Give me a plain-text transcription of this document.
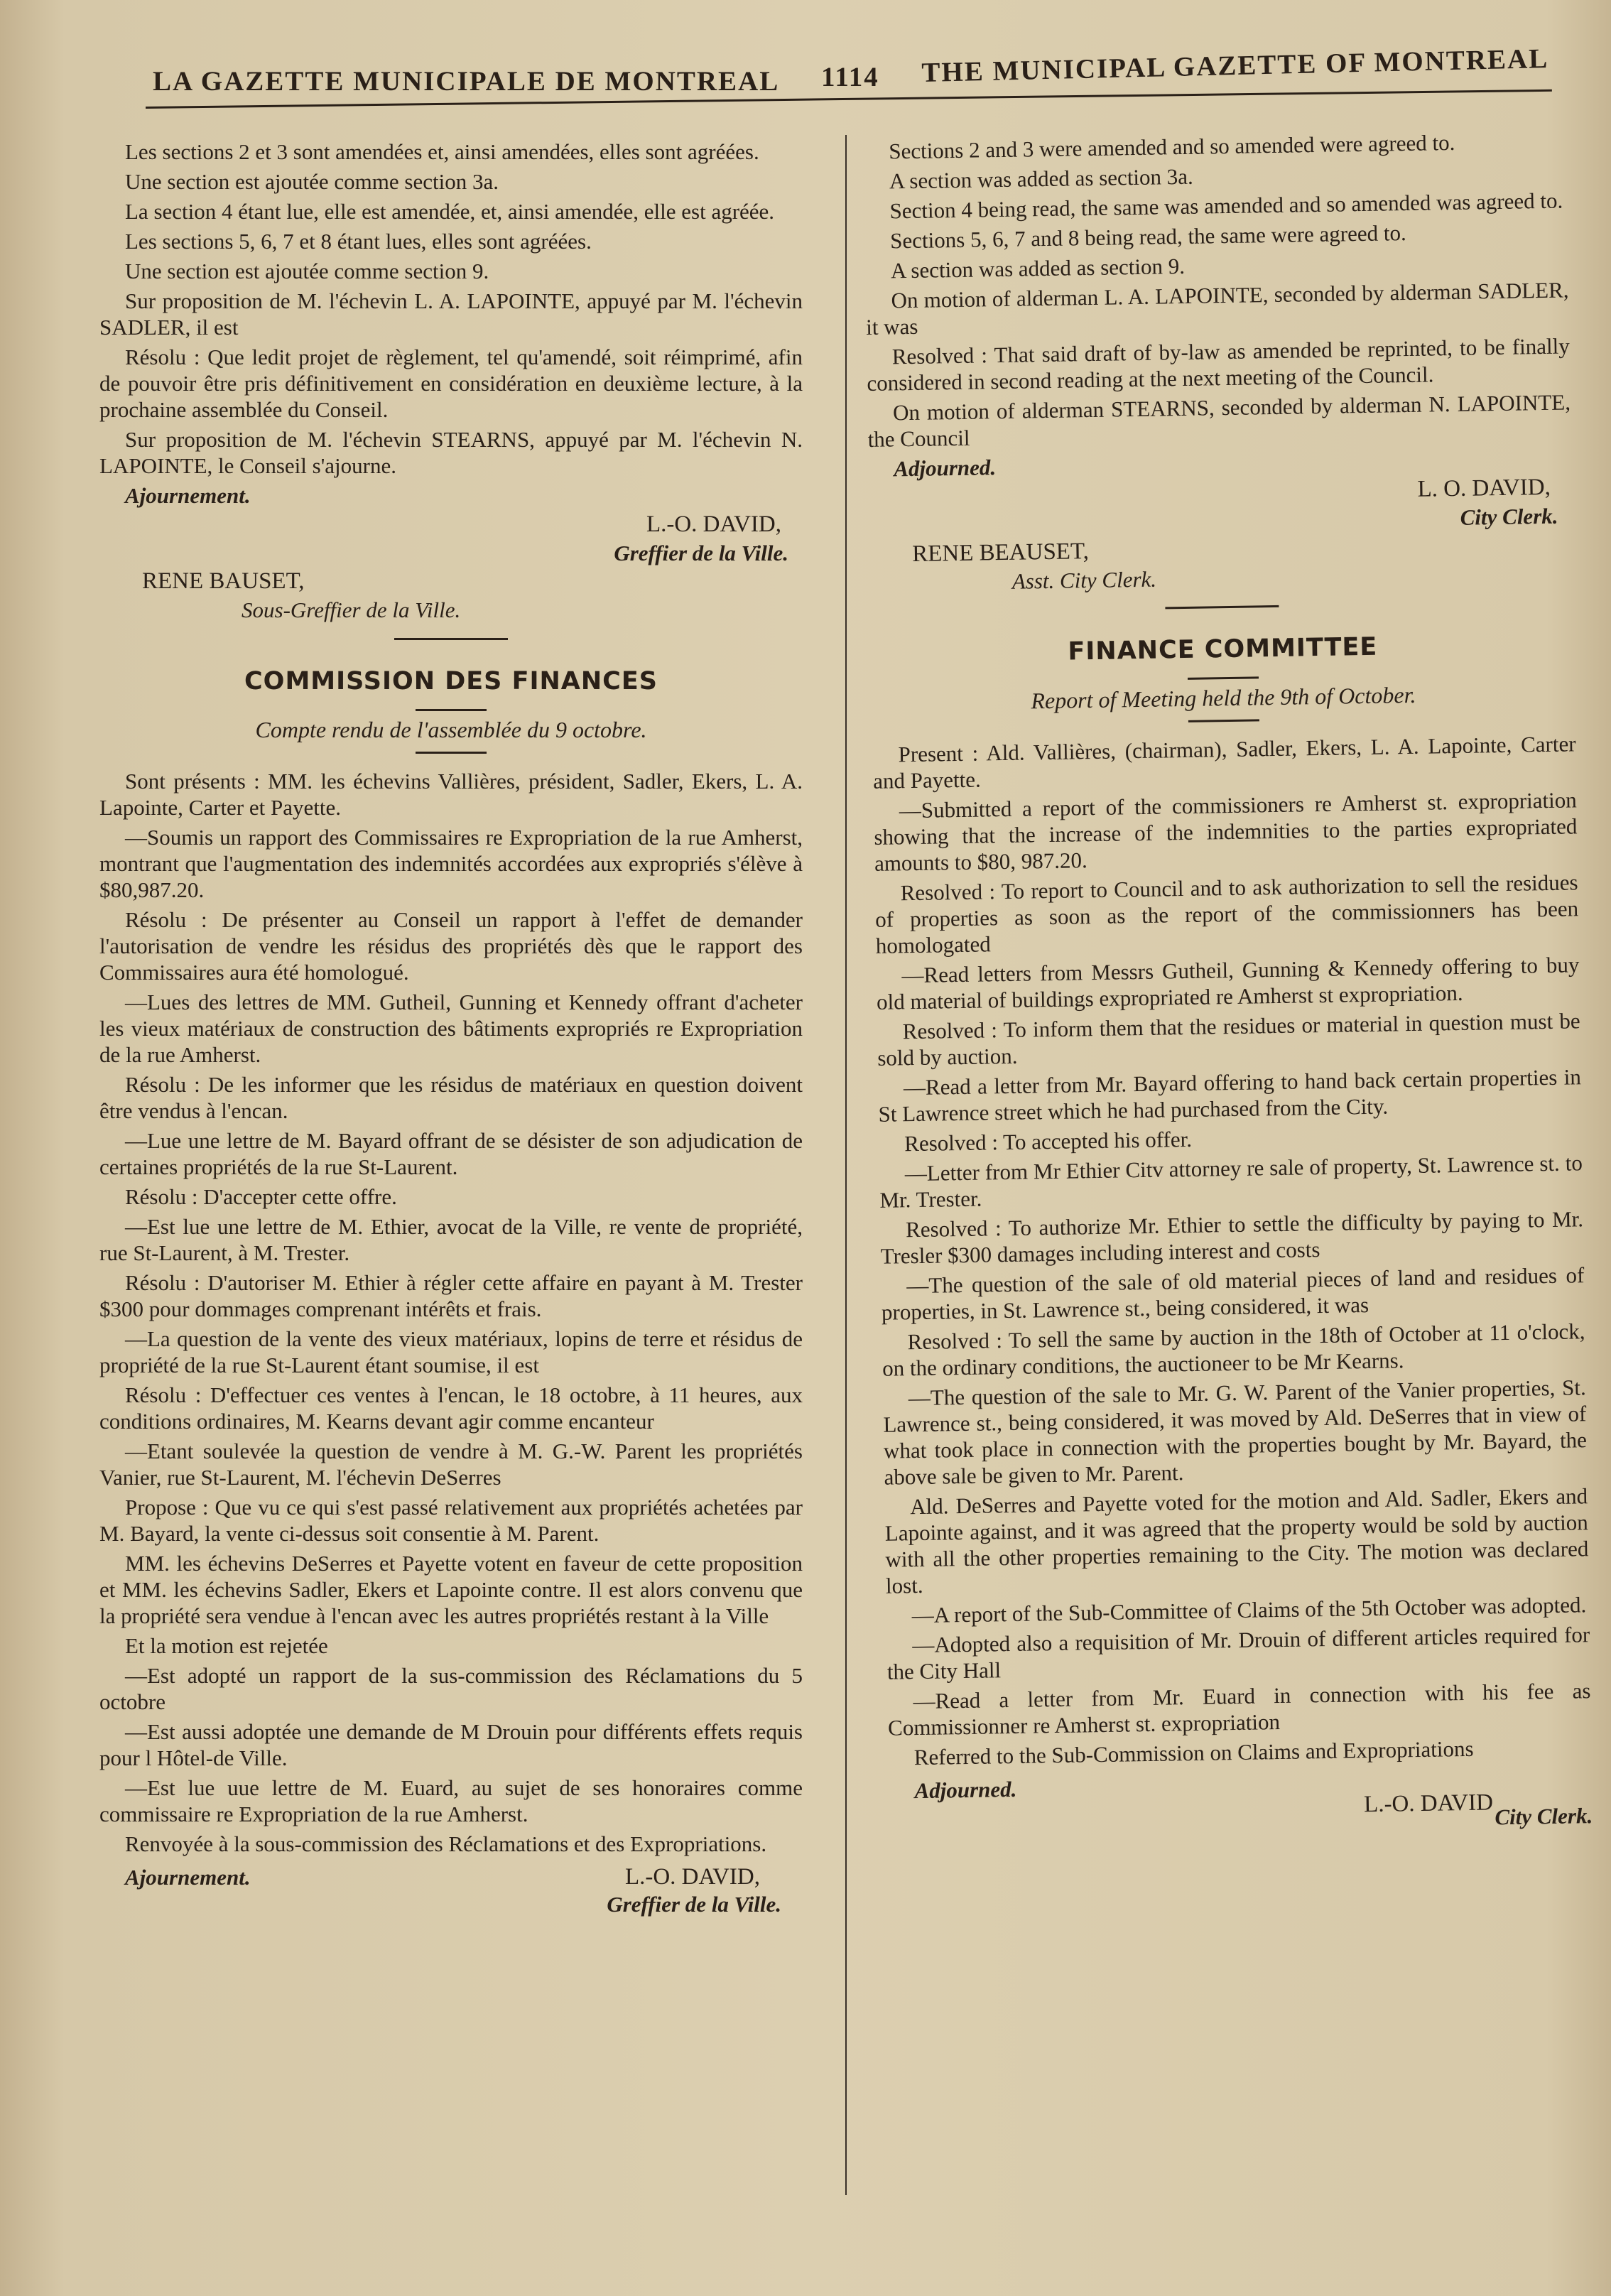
LA GAZETTE MUNICIPALE DE MONTREAL 1114 THE MUNICIPAL GAZETTE OF MONTREAL

Les sections 2 et 3 sont amendées et, ainsi amendées, elles sont agréées.

Une section est ajoutée comme section 3a.

La section 4 étant lue, elle est amendée, et, ainsi amendée, elle est agréée.

Les sections 5, 6, 7 et 8 étant lues, elles sont agréées.

Une section est ajoutée comme section 9.

Sur proposition de M. l'échevin L. A. LAPOINTE, appuyé par M. l'échevin SADLER, il est

Résolu : Que ledit projet de règlement, tel qu'amendé, soit réimprimé, afin de pouvoir être pris définitivement en considération en deuxième lecture, à la prochaine assemblée du Conseil.

Sur proposition de M. l'échevin STEARNS, appuyé par M. l'échevin N. LAPOINTE, le Conseil s'ajourne.

Ajournement.
L.-O. DAVID,
Greffier de la Ville.
RENE BAUSET,
Sous-Greffier de la Ville.
COMMISSION DES FINANCES
Compte rendu de l'assemblée du 9 octobre.

Sont présents : MM. les échevins Vallières, président, Sadler, Ekers, L. A. Lapointe, Carter et Payette.

—Soumis un rapport des Commissaires re Expropriation de la rue Amherst, montrant que l'augmentation des indemnités accordées aux expropriés s'élève à $80,987.20.

Résolu : De présenter au Conseil un rapport à l'effet de demander l'autorisation de vendre les résidus des propriétés dès que le rapport des Commissaires aura été homologué.

—Lues des lettres de MM. Gutheil, Gunning et Kennedy offrant d'acheter les vieux matériaux de construction des bâtiments expropriés re Expropriation de la rue Amherst.

Résolu : De les informer que les résidus de matériaux en question doivent être vendus à l'encan.

—Lue une lettre de M. Bayard offrant de se désister de son adjudication de certaines propriétés de la rue St-Laurent.

Résolu : D'accepter cette offre.

—Est lue une lettre de M. Ethier, avocat de la Ville, re vente de propriété, rue St-Laurent, à M. Trester.

Résolu : D'autoriser M. Ethier à régler cette affaire en payant à M. Trester $300 pour dommages comprenant intérêts et frais.

—La question de la vente des vieux matériaux, lopins de terre et résidus de propriété de la rue St-Laurent étant soumise, il est

Résolu : D'effectuer ces ventes à l'encan, le 18 octobre, à 11 heures, aux conditions ordinaires, M. Kearns devant agir comme encanteur

—Etant soulevée la question de vendre à M. G.-W. Parent les propriétés Vanier, rue St-Laurent, M. l'échevin DeSerres

Propose : Que vu ce qui s'est passé relativement aux propriétés achetées par M. Bayard, la vente ci-dessus soit consentie à M. Parent.

MM. les échevins DeSerres et Payette votent en faveur de cette proposition et MM. les échevins Sadler, Ekers et Lapointe contre. Il est alors convenu que la propriété sera vendue à l'encan avec les autres propriétés restant à la Ville

Et la motion est rejetée

—Est adopté un rapport de la sus-commission des Réclamations du 5 octobre

—Est aussi adoptée une demande de M Drouin pour différents effets requis pour l Hôtel-de Ville.

—Est lue uue lettre de M. Euard, au sujet de ses honoraires comme commissaire re Expropriation de la rue Amherst.

Renvoyée à la sous-commission des Réclamations et des Expropriations.

Ajournement.	L.-O. DAVID,
Greffier de la Ville.

Sections 2 and 3 were amended and so amended were agreed to.

A section was added as section 3a.

Section 4 being read, the same was amended and so amended was agreed to.

Sections 5, 6, 7 and 8 being read, the same were agreed to.

A section was added as section 9.

On motion of alderman L. A. LAPOINTE, seconded by alderman SADLER, it was

Resolved : That said draft of by-law as amended be reprinted, to be finally considered in second reading at the next meeting of the Council.

On motion of alderman STEARNS, seconded by alderman N. LAPOINTE, the Council

Adjourned.
L. O. DAVID,
City Clerk.
RENE BEAUSET,
Asst. City Clerk.
FINANCE COMMITTEE
Report of Meeting held the 9th of October.

Present : Ald. Vallières, (chairman), Sadler, Ekers, L. A. Lapointe, Carter and Payette.

—Submitted a report of the commissioners re Amherst st. expropriation showing that the increase of the indemnities to the parties expropriated amounts to $80, 987.20.

Resolved : To report to Council and to ask authorization to sell the residues of properties as soon as the report of the commissionners has been homologated

—Read letters from Messrs Gutheil, Gunning & Kennedy offering to buy old material of buildings expropriated re Amherst st expropriation.

Resolved : To inform them that the residues or material in question must be sold by auction.

—Read a letter from Mr. Bayard offering to hand back certain properties in St Lawrence street which he had purchased from the City.

Resolved : To accepted his offer.

—Letter from Mr Ethier Citv attorney re sale of property, St. Lawrence st. to Mr. Trester.

Resolved : To authorize Mr. Ethier to settle the difficulty by paying to Mr. Tresler $300 damages including interest and costs

—The question of the sale of old material pieces of land and residues of properties, in St. Lawrence st., being considered, it was

Resolved : To sell the same by auction in the 18th of October at 11 o'clock, on the ordinary conditions, the auctioneer to be Mr Kearns.

—The question of the sale to Mr. G. W. Parent of the Vanier properties, St. Lawrence st., being considered, it was moved by Ald. DeSerres that in view of what took place in connection with the properties bought by Mr. Bayard, the above sale be given to Mr. Parent.

Ald. DeSerres and Payette voted for the motion and Ald. Sadler, Ekers and Lapointe against, and it was agreed that the property would be sold by auction with all the other properties remaining to the City. The motion was declared lost.

—A report of the Sub-Committee of Claims of the 5th October was adopted.

—Adopted also a requisition of Mr. Drouin of different articles required for the City Hall

—Read a letter from Mr. Euard in connection with his fee as Commissionner re Amherst st. expropriation

Referred to the Sub-Commission on Claims and Expropriations

Adjourned.	L.-O. DAVID City Clerk.
